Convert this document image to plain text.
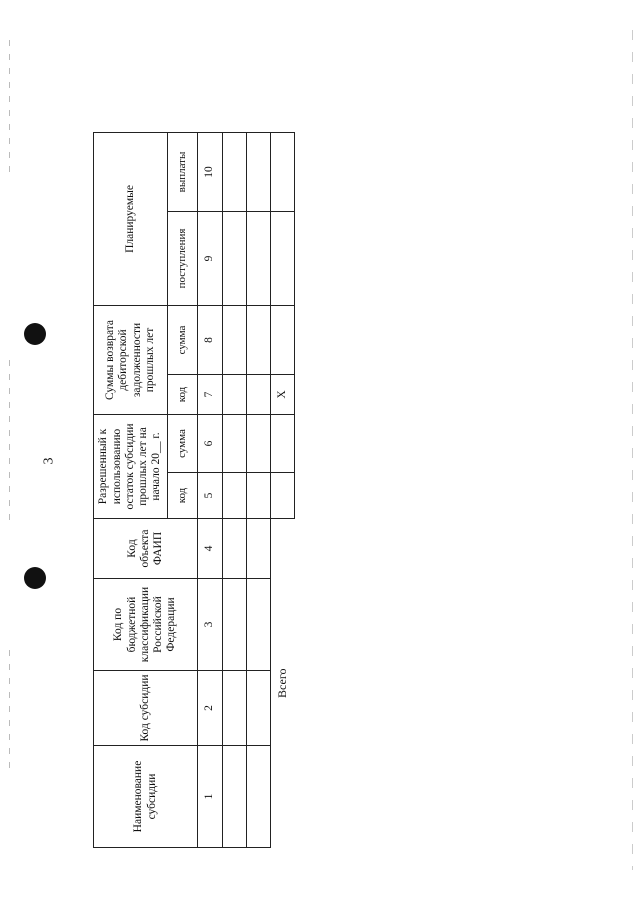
3
Наименование субсидии	Код субсидии	Код по бюджетной классификации Российской Федерации	Код объекта ФАИП	Разрешенный к использованию остаток субсидии прошлых лет на начало 20__ г.		Суммы возврата дебиторской задолженности прошлых лет		Планируемые	
				код	сумма	код	сумма	поступления	выплаты
1	2	3	4	5	6	7	8	9	10

Всего						X			
